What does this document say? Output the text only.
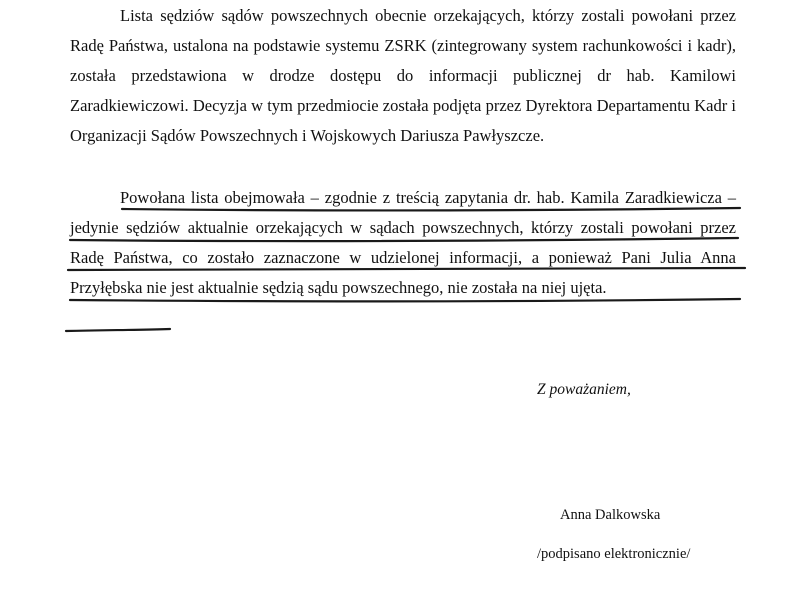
Lista sędziów sądów powszechnych obecnie orzekających, którzy zostali powołani przez Radę Państwa, ustalona na podstawie systemu ZSRK (zintegrowany system rachunkowości i kadr), została przedstawiona w drodze dostępu do informacji publicznej dr hab. Kamilowi Zaradkiewiczowi. Decyzja w tym przedmiocie została podjęta przez Dyrektora Departamentu Kadr i Organizacji Sądów Powszechnych i Wojskowych Dariusza Pawłyszcze.

Powołana lista obejmowała – zgodnie z treścią zapytania dr. hab. Kamila Zaradkiewicza – jedynie sędziów aktualnie orzekających w sądach powszechnych, którzy zostali powołani przez Radę Państwa, co zostało zaznaczone w udzielonej informacji, a ponieważ Pani Julia Anna Przyłębska nie jest aktualnie sędzią sądu powszechnego, nie została na niej ujęta.

Z poważaniem,
Anna Dalkowska
/podpisano elektronicznie/
